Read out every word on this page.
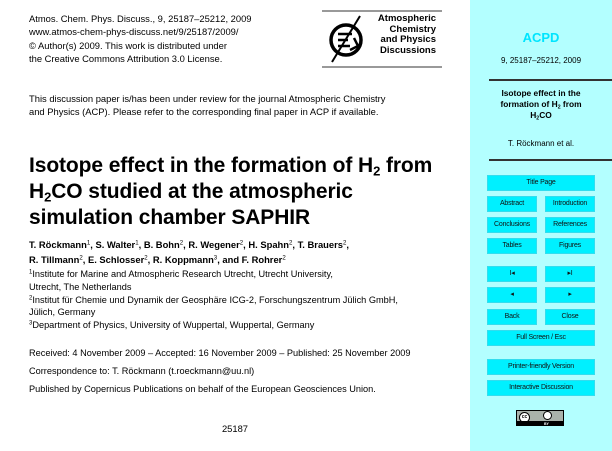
Atmos. Chem. Phys. Discuss., 9, 25187–25212, 2009
www.atmos-chem-phys-discuss.net/9/25187/2009/
© Author(s) 2009. This work is distributed under
the Creative Commons Attribution 3.0 License.
Atmospheric
Chemistry
and Physics
Discussions
This discussion paper is/has been under review for the journal Atmospheric Chemistry
and Physics (ACP). Please refer to the corresponding final paper in ACP if available.
Isotope effect in the formation of $H_2$ from
$H_2CO$ studied at the atmospheric
simulation chamber SAPHIR
T. Röckmann$^1$, S. Walter$^1$, B. Bohn$^2$, R. Wegener$^2$, H. Spahn$^2$, T. Brauers$^2$,
R. Tillmann$^2$, E. Schlosser$^2$, R. Koppmann$^3$, and F. Rohrer$^2$
$^1$Institute for Marine and Atmospheric Research Utrecht, Utrecht University,
Utrecht, The Netherlands
$^2$Institut für Chemie und Dynamik der Geosphäre ICG-2, Forschungszentrum Jülich GmbH,
Jülich, Germany
$^3$Department of Physics, University of Wuppertal, Wuppertal, Germany
Received: 4 November 2009 – Accepted: 16 November 2009 – Published: 25 November 2009
Correspondence to: T. Röckmann (t.roeckmann@uu.nl)
Published by Copernicus Publications on behalf of the European Geosciences Union.
25187
ACPD
9, 25187–25212, 2009
Isotope effect in the
formation of $H_2$ from
$H_2CO$
T. Röckmann et al.
Title Page
Abstract	Introduction
Conclusions	References
Tables	Figures
I◂	▸I
◂	▸
Back	Close
Full Screen / Esc
Printer-friendly Version
Interactive Discussion
cc
BY
